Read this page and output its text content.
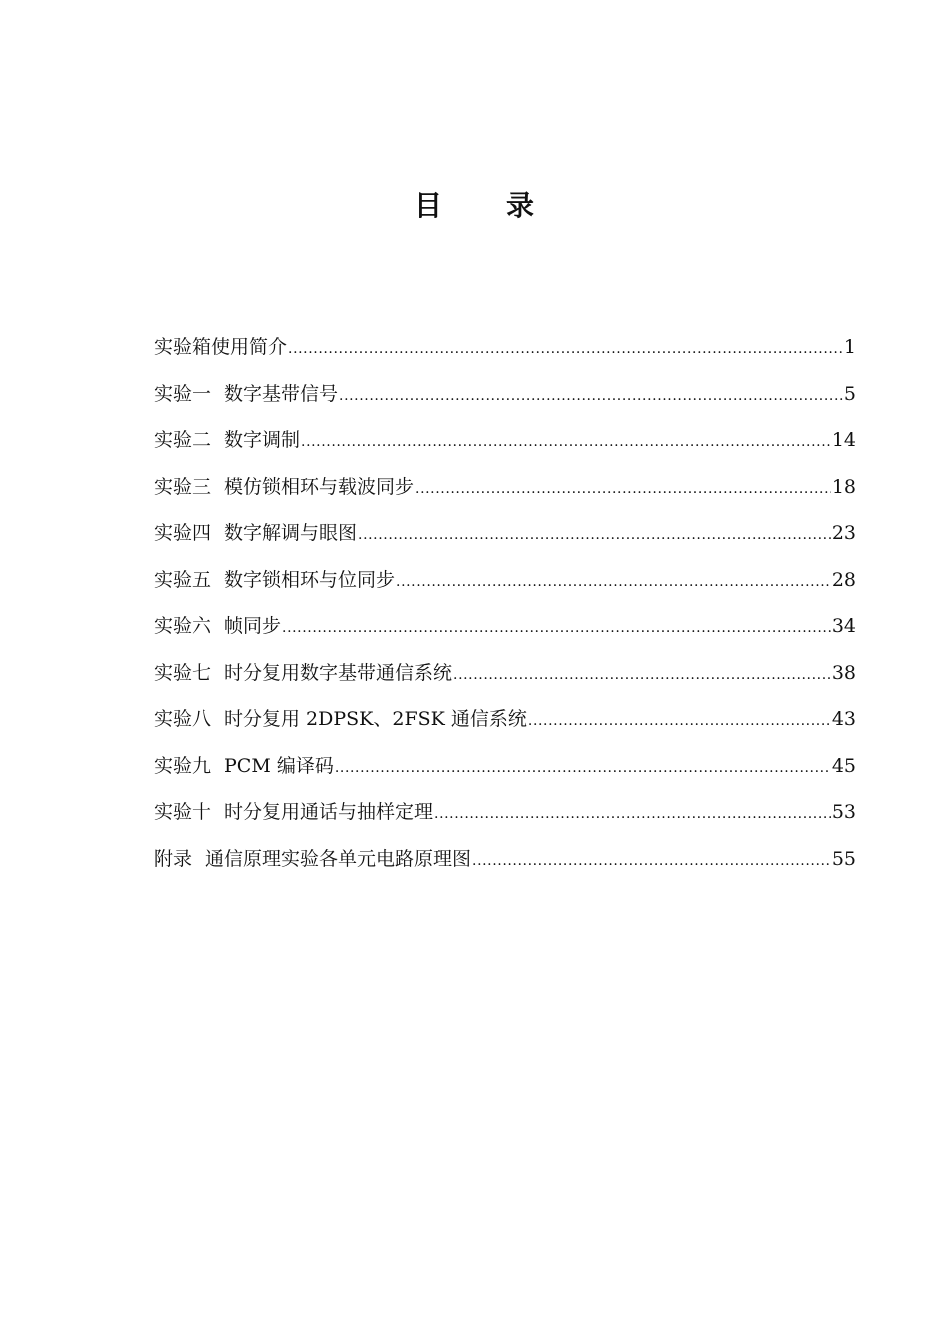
目 录
实验箱使用简介 .....	1
实验一 数字基带信号 .....	5
实验二 数字调制 .....	14
实验三 模仿锁相环与载波同步 .....	18
实验四 数字解调与眼图 .....	23
实验五 数字锁相环与位同步 .....	28
实验六 帧同步 .....	34
实验七 时分复用数字基带通信系统 .....	38
实验八 时分复用 2DPSK、2FSK 通信系统 .....	43
实验九 PCM 编译码 .....	45
实验十 时分复用通话与抽样定理 .....	53
附录 通信原理实验各单元电路原理图 .....	55
